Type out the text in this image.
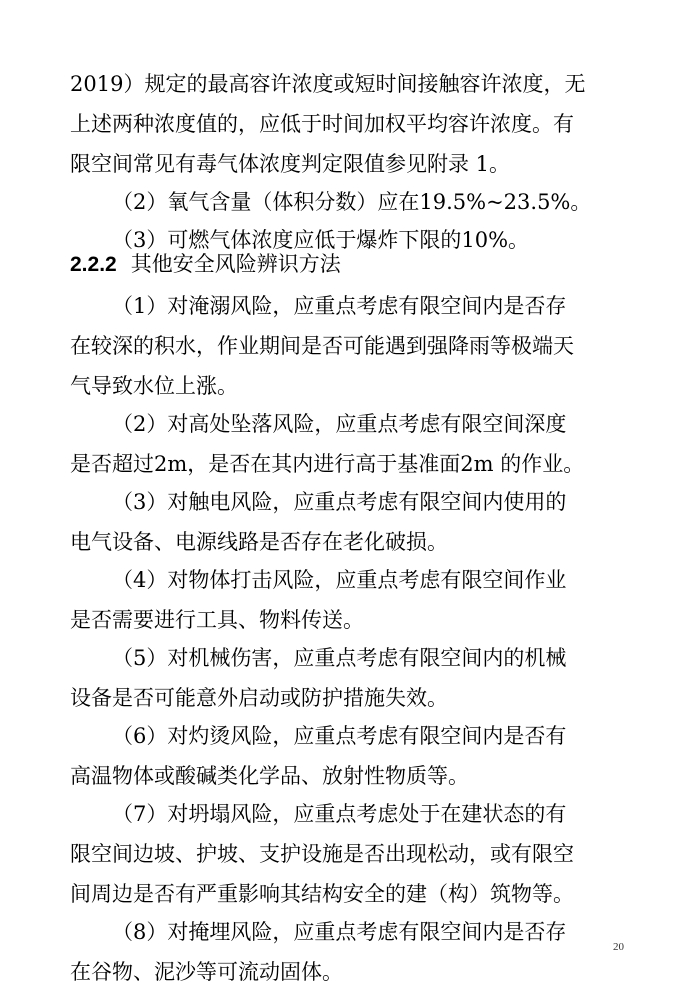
2019）规定的最高容许浓度或短时间接触容许浓度，无
上述两种浓度值的，应低于时间加权平均容许浓度。有
限空间常见有毒气体浓度判定限值参见附录 1。
（2）氧气含量（体积分数）应在19.5%~23.5%。
（3）可燃气体浓度应低于爆炸下限的10%。
2.2.2 其他安全风险辨识方法
（1）对淹溺风险，应重点考虑有限空间内是否存
在较深的积水，作业期间是否可能遇到强降雨等极端天
气导致水位上涨。
（2）对高处坠落风险，应重点考虑有限空间深度
是否超过2m，是否在其内进行高于基准面2m 的作业。
（3）对触电风险，应重点考虑有限空间内使用的
电气设备、电源线路是否存在老化破损。
（4）对物体打击风险，应重点考虑有限空间作业
是否需要进行工具、物料传送。
（5）对机械伤害，应重点考虑有限空间内的机械
设备是否可能意外启动或防护措施失效。
（6）对灼烫风险，应重点考虑有限空间内是否有
高温物体或酸碱类化学品、放射性物质等。
（7）对坍塌风险，应重点考虑处于在建状态的有
限空间边坡、护坡、支护设施是否出现松动，或有限空
间周边是否有严重影响其结构安全的建（构）筑物等。
（8）对掩埋风险，应重点考虑有限空间内是否存
在谷物、泥沙等可流动固体。
20
